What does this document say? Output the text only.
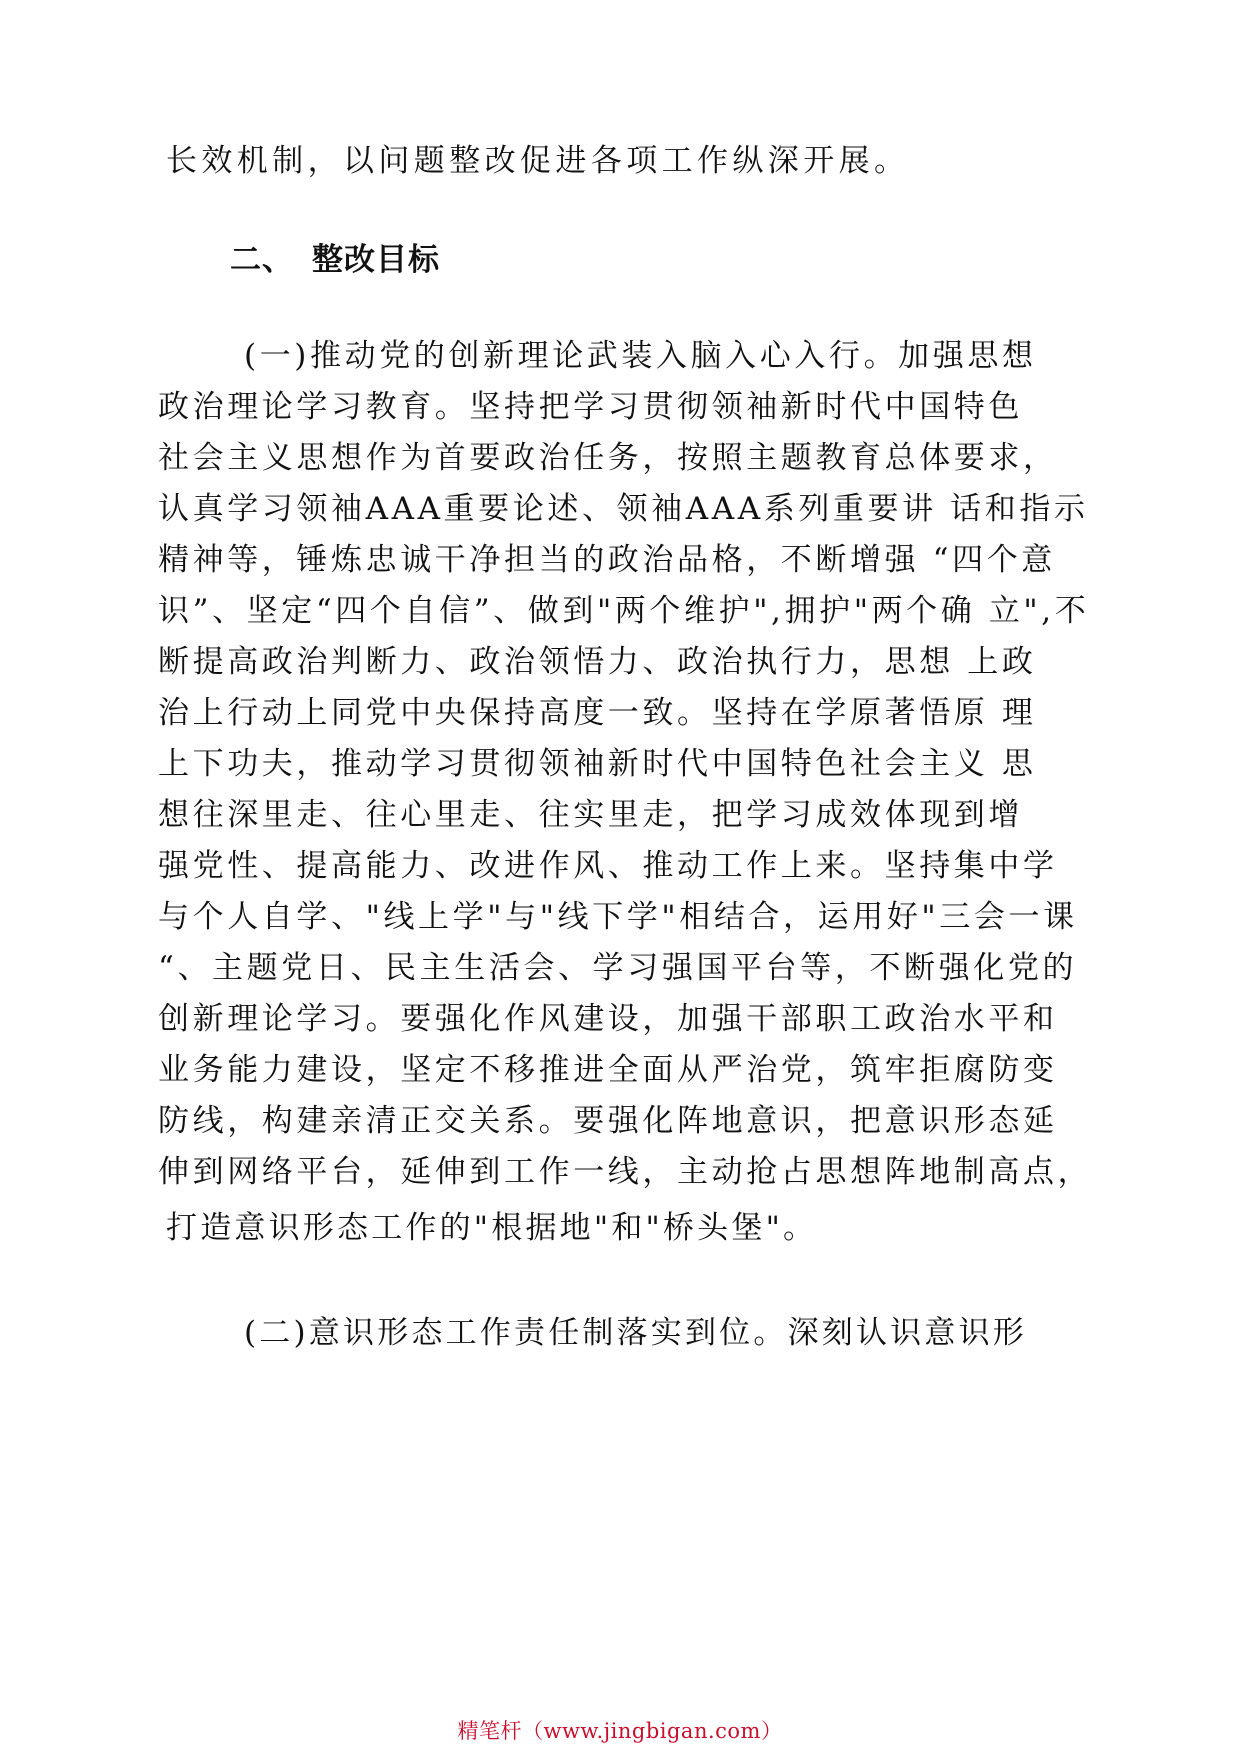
长效机制，以问题整改促进各项工作纵深开展。
二、 整改目标
(一)推动党的创新理论武装入脑入心入行。加强思想
政治理论学习教育。坚持把学习贯彻领袖新时代中国特色
社会主义思想作为首要政治任务，按照主题教育总体要求，
认真学习领袖AAA重要论述、领袖AAA系列重要讲 话和指示
精神等，锤炼忠诚干净担当的政治品格，不断增强 “四个意
识”、坚定“四个自信”、做到"两个维护",拥护"两个确 立",不
断提高政治判断力、政治领悟力、政治执行力，思想 上政
治上行动上同党中央保持高度一致。坚持在学原著悟原 理
上下功夫，推动学习贯彻领袖新时代中国特色社会主义 思
想往深里走、往心里走、往实里走，把学习成效体现到增
强党性、提高能力、改进作风、推动工作上来。坚持集中学
与个人自学、"线上学"与"线下学"相结合，运用好"三会一课
“、主题党日、民主生活会、学习强国平台等，不断强化党的
创新理论学习。要强化作风建设，加强干部职工政治水平和
业务能力建设，坚定不移推进全面从严治党，筑牢拒腐防变
防线，构建亲清正交关系。要强化阵地意识，把意识形态延
伸到网络平台，延伸到工作一线，主动抢占思想阵地制高点，
打造意识形态工作的"根据地"和"桥头堡"。
(二)意识形态工作责任制落实到位。深刻认识意识形
精笔杆（www.jingbigan.com）
